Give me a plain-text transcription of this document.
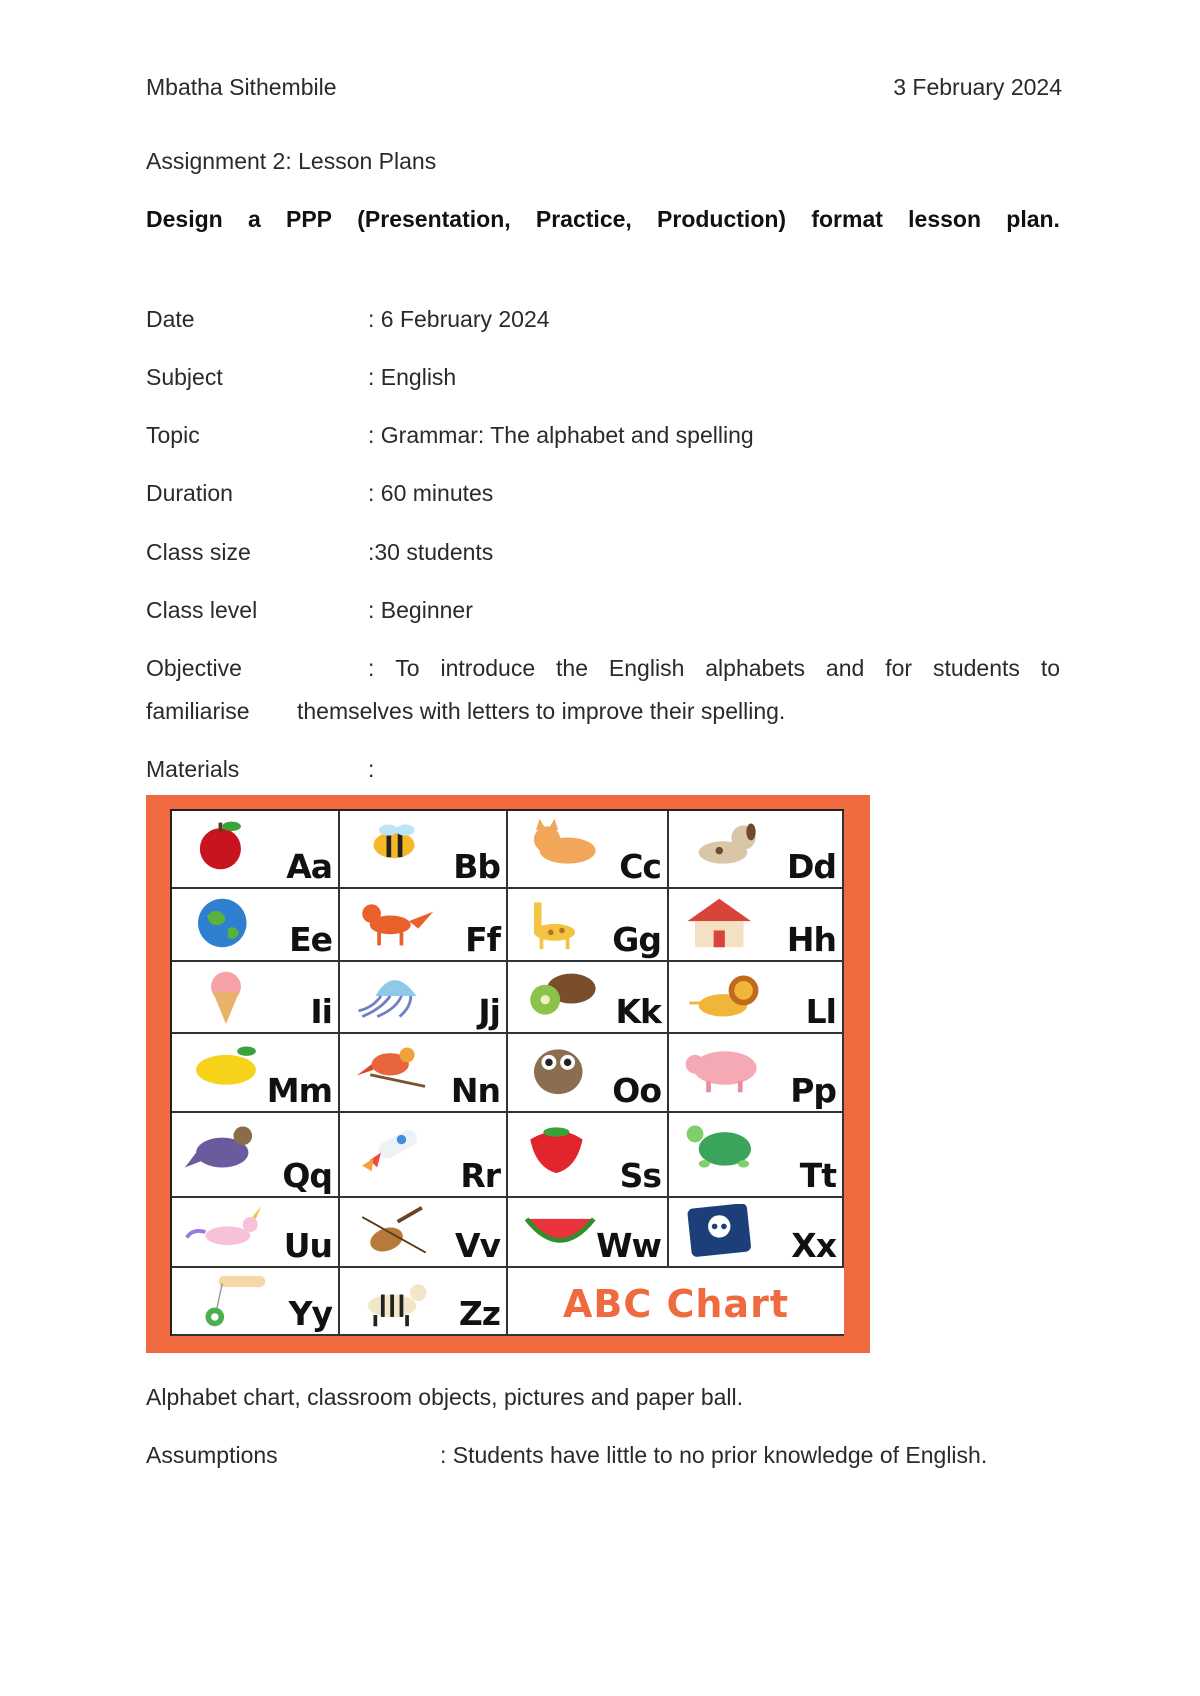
Mbatha Sithembile	3 February 2024
Assignment 2: Lesson Plans
Design a PPP (Presentation, Practice, Production) format lesson plan.
Date	: 6 February 2024
Subject	: English
Topic	: Grammar: The alphabet and spelling
Duration	: 60 minutes
Class size	:30 students
Class level	: Beginner
Objective	: To introduce the English alphabets and for students to
familiarise themselves with letters to improve their spelling.
Materials	:
Aa	Bb	Cc	Dd
Ee	Ff	Gg	Hh
Ii	Jj	Kk	Ll
Mm	Nn	Oo	Pp
Qq	Rr	Ss	Tt
Uu	Vv	Ww	Xx
Yy	Zz	ABC Chart
Alphabet chart, classroom objects, pictures and paper ball.
Assumptions	: Students have little to no prior knowledge of English.
